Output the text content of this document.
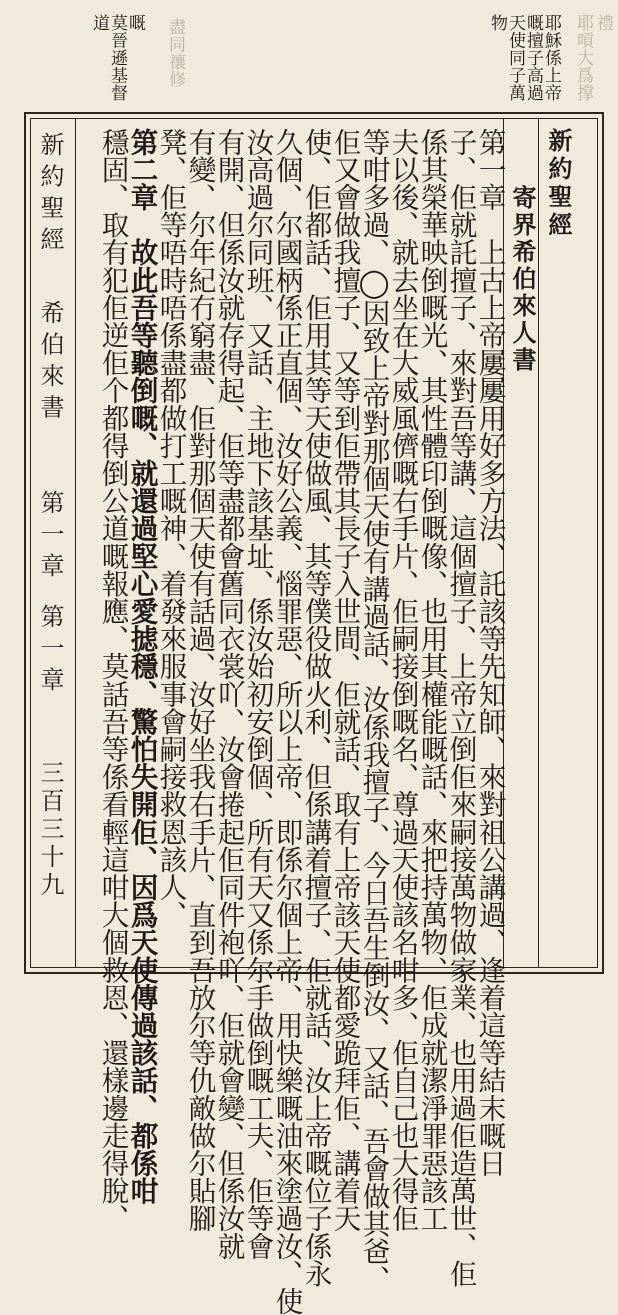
禮
耶嗊大爲撑
耶穌係上帝
嘅擅子高過
天使同子萬
物
盡同禳修
嘅
莫晉遜基督
道
新約聖經
寄界希伯來人書
第一章　上古上帝屢屢用好多方法、託該等先知師、來對祖公講過、逢着這等結末嘅日
子、佢就託擅子、來對吾等講、這個擅子、上帝立倒佢來嗣接萬物做家業、也用過佢造萬世、佢
係其榮華映倒嘅光、其性體印倒嘅像、也用其權能嘅話、來把持萬物、佢成就潔淨罪惡該工
夫以後、就去坐在大威風儕嘅右手片、佢嗣接倒嘅名、尊過天使該名咁多、佢自己也大得佢
等咁多過、◯因致上帝對那個天使有講過話、汝係我擅子、今日吾生倒汝、又話、吾會做其爸、
佢又會做我擅子、又等到佢帶其長子入世間、佢就話、取有上帝該天使都愛跪拜佢、講着天
使、佢都話、佢用其等天使做風、其等僕役做火利、但係講着擅子、佢就話、汝上帝嘅位子係永
久個、尔國柄係正直個、汝好公義、惱罪惡、所以上帝、即係尔個上帝、用快樂嘅油來塗過汝、使
汝高過尔同班、又話、主地下該基址、係汝始初安倒個、所有天又係尔手做倒嘅工夫、佢等會
有開、但係汝就存得起、佢等盡都會舊同衣裳吖、汝會捲起佢同件袍吖、佢就會變、但係汝就
有變、尔年紀冇窮盡、佢對那個天使有話過、汝好坐我右手片、直到吾放尔等仇敵做尔貼腳
凳、佢等唔時唔係盡都做打工嘅神、着發來服事會嗣接救恩該人、
第二章　故此吾等聽倒嘅、就還過堅心愛摅穩、驚怕失開佢、因爲天使傳過該話、都係咁
穩固、取有犯佢逆佢个都得倒公道嘅報應、莫話吾等係看輕這咁大個救恩、還樣邊走得脫、
新約聖經
希伯來書
第一章
第一章
三百三十九
